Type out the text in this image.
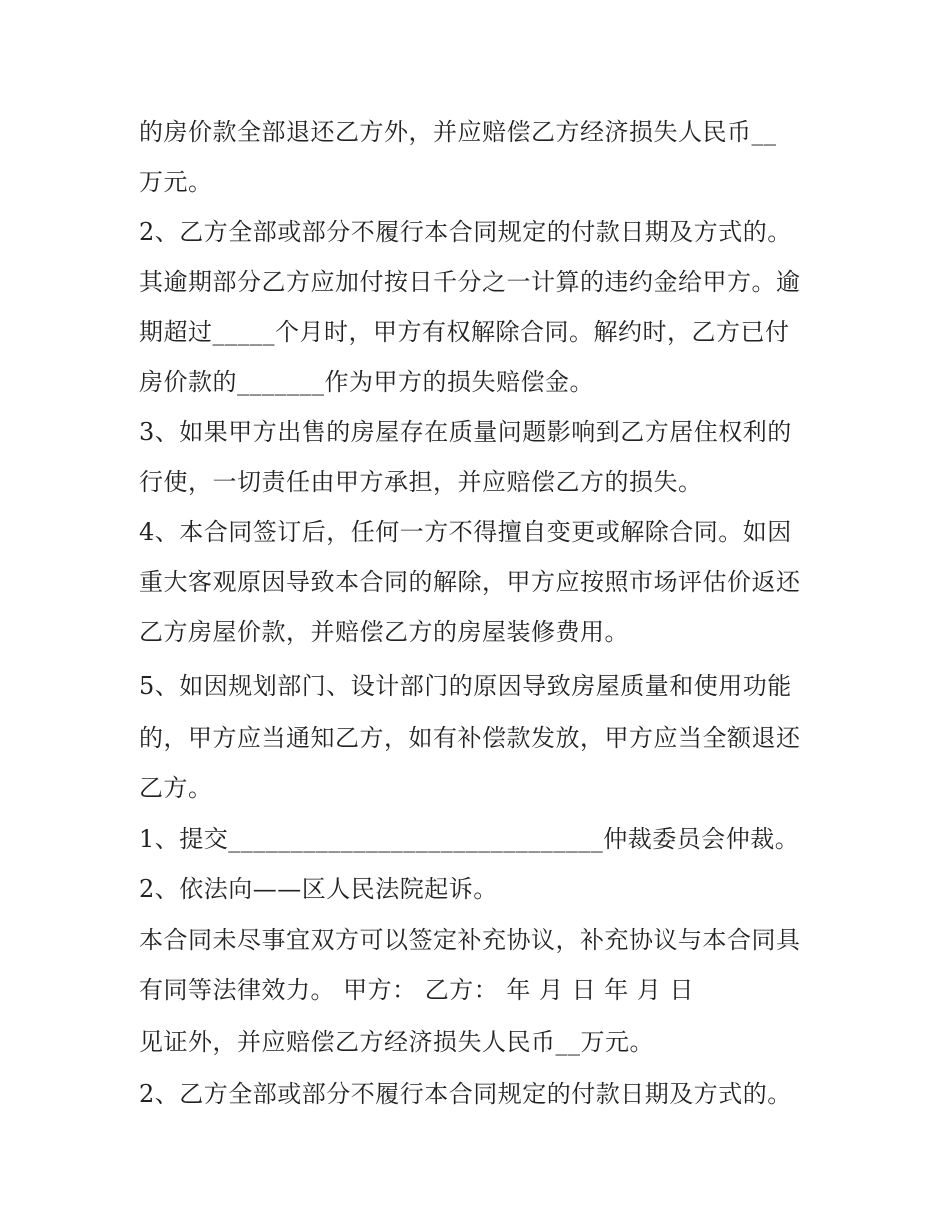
的房价款全部退还乙方外，并应赔偿乙方经济损失人民币__
万元。
2、乙方全部或部分不履行本合同规定的付款日期及方式的。
其逾期部分乙方应加付按日千分之一计算的违约金给甲方。逾
期超过_____个月时，甲方有权解除合同。解约时，乙方已付
房价款的_______作为甲方的损失赔偿金。
3、如果甲方出售的房屋存在质量问题影响到乙方居住权利的
行使，一切责任由甲方承担，并应赔偿乙方的损失。
4、本合同签订后，任何一方不得擅自变更或解除合同。如因
重大客观原因导致本合同的解除，甲方应按照市场评估价返还
乙方房屋价款，并赔偿乙方的房屋装修费用。
5、如因规划部门、设计部门的原因导致房屋质量和使用功能
的，甲方应当通知乙方，如有补偿款发放，甲方应当全额退还
乙方。
1、提交______________________________仲裁委员会仲裁。
2、依法向——区人民法院起诉。
本合同未尽事宜双方可以签定补充协议，补充协议与本合同具
有同等法律效力。 甲方： 乙方： 年 月 日 年 月 日
见证外，并应赔偿乙方经济损失人民币__万元。
2、乙方全部或部分不履行本合同规定的付款日期及方式的。
